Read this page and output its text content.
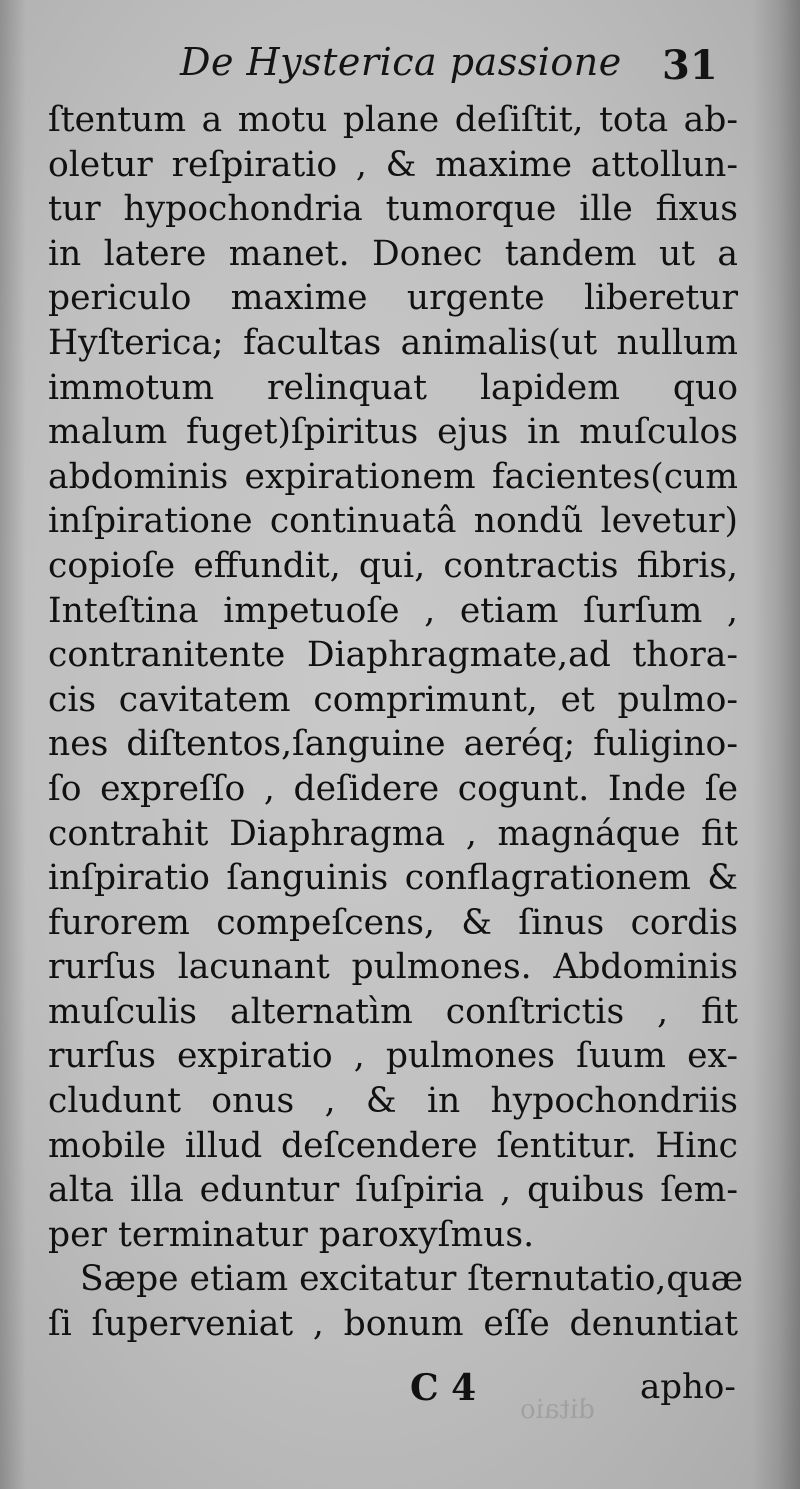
ditaio
De Hysterica passione 31
ſtentum a motu plane deſiſtit, tota ab-
oletur reſpiratio , & maxime attollun-
tur hypochondria tumorque ille fixus
in latere manet. Donec tandem ut a
periculo maxime urgente liberetur
Hyſterica; facultas animalis(ut nullum
immotum relinquat lapidem quo
malum fuget)ſpiritus ejus in muſculos
abdominis expirationem facientes(cum
inſpiratione continuatâ nondũ levetur)
copioſe effundit, qui, contractis fibris,
Inteſtina impetuoſe , etiam ſurſum ,
contranitente Diaphragmate,ad thora-
cis cavitatem comprimunt, et pulmo-
nes diſtentos,ſanguine aeréq; fuligino-
ſo expreſſo , deſidere cogunt. Inde ſe
contrahit Diaphragma , magnáque fit
inſpiratio ſanguinis conflagrationem &
furorem compeſcens, & ſinus cordis
rurſus lacunant pulmones. Abdominis
muſculis alternatìm conſtrictis , fit
rurſus expiratio , pulmones ſuum ex-
cludunt onus , & in hypochondriis
mobile illud deſcendere ſentitur. Hinc
alta illa eduntur ſuſpiria , quibus ſem-
per terminatur paroxyſmus.
Sæpe etiam excitatur ſternutatio,quæ
ſi ſuperveniat , bonum eſſe denuntiat
C 4	apho-
